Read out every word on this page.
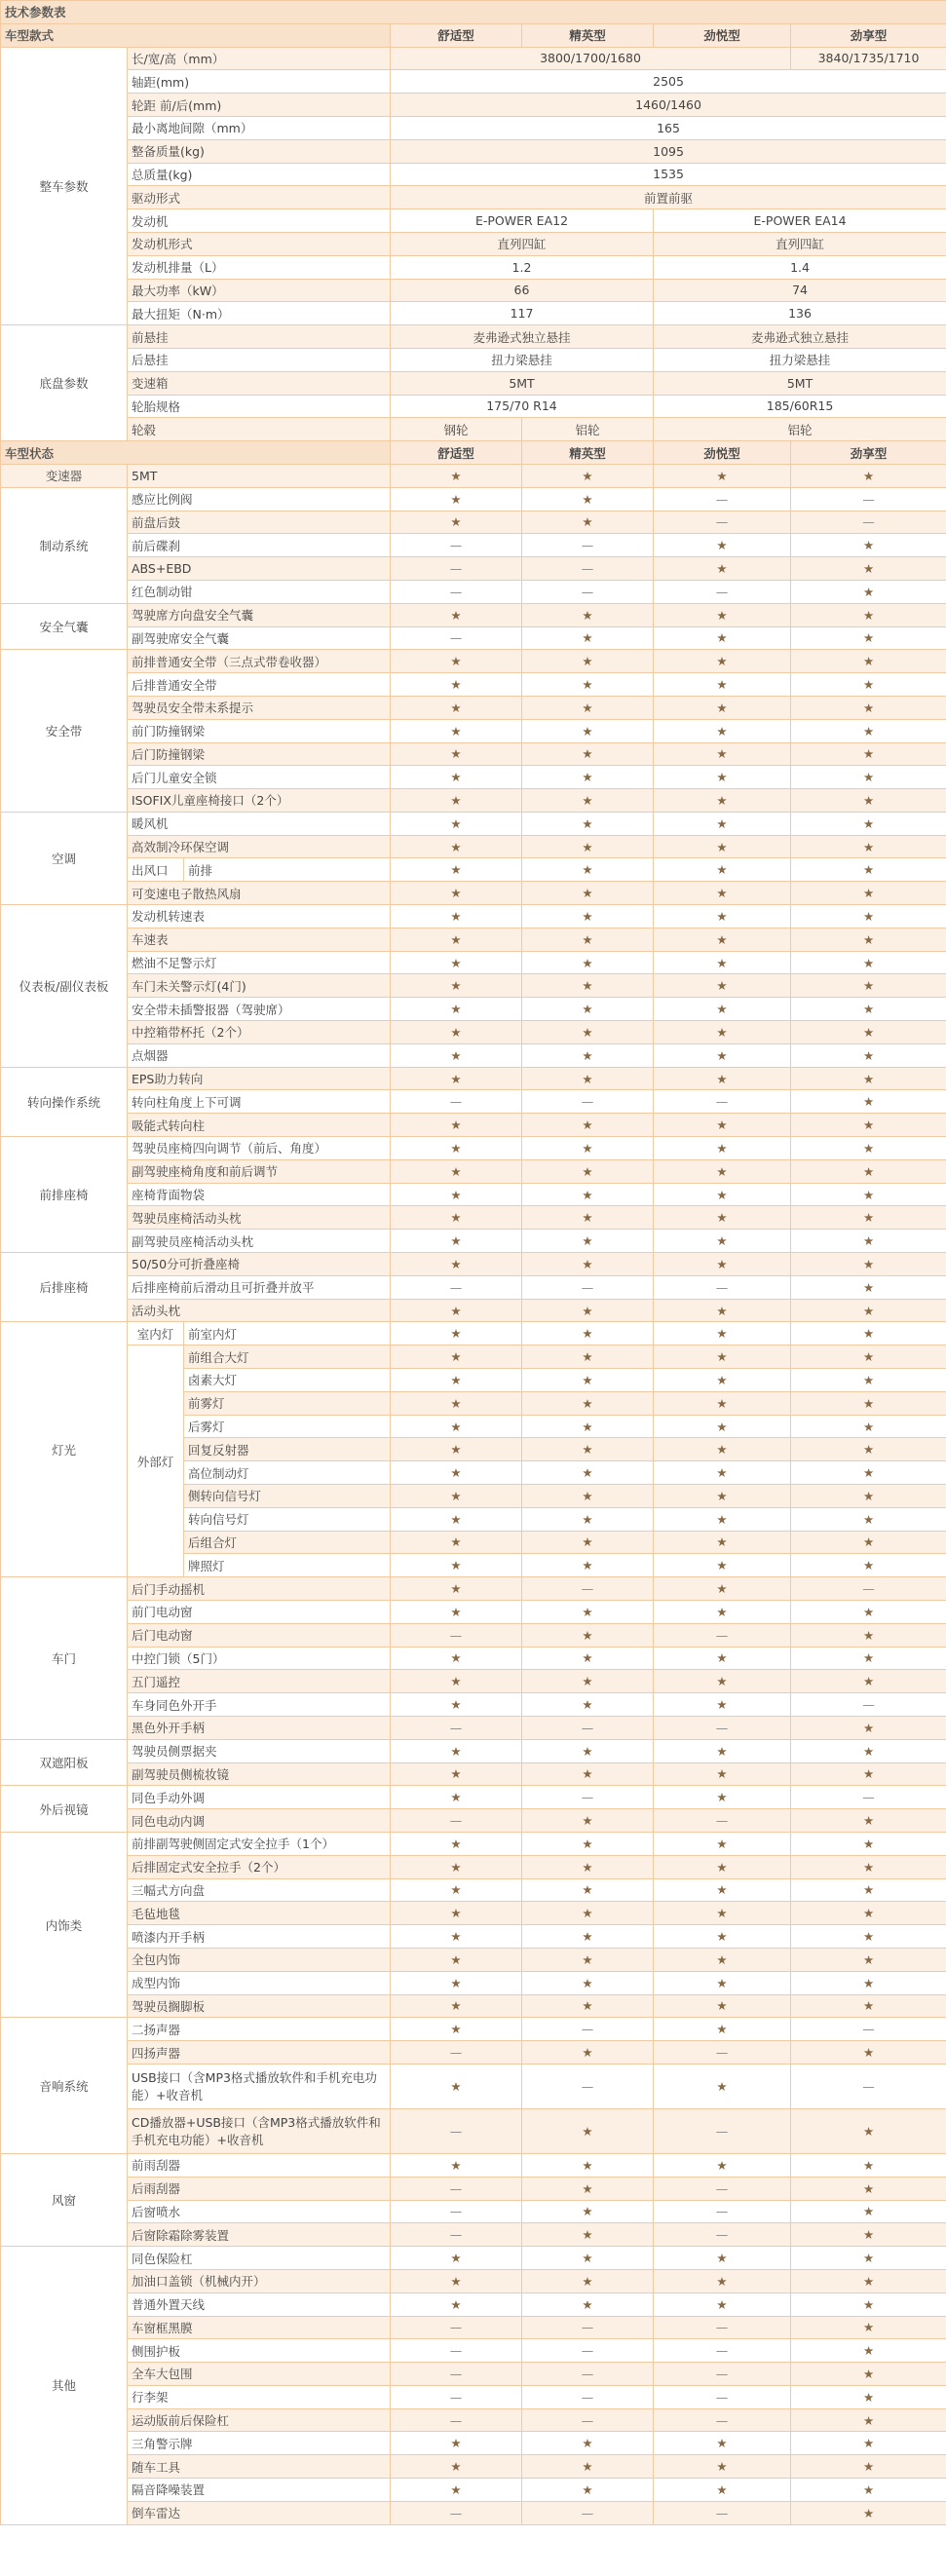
技术参数表						
车型款式			舒适型	精英型	劲悦型	劲享型
整车参数	长/宽/高（mm）		3800/1700/1680			3840/1735/1710
	轴距(mm)		2505			
	轮距 前/后(mm)		1460/1460			
	最小离地间隙（mm）		165			
	整备质量(kg)		1095			
	总质量(kg)		1535			
	驱动形式		前置前驱			
	发动机		E-POWER EA12		E-POWER EA14	
	发动机形式		直列四缸		直列四缸	
	发动机排量（L）		1.2		1.4	
	最大功率（kW）		66		74	
	最大扭矩（N·m）		117		136	
底盘参数	前悬挂		麦弗逊式独立悬挂		麦弗逊式独立悬挂	
	后悬挂		扭力梁悬挂		扭力梁悬挂	
	变速箱		5MT		5MT	
	轮胎规格		175/70 R14		185/60R15	
	轮毂		钢轮	铝轮	铝轮	
车型状态			舒适型	精英型	劲悦型	劲享型
变速器	5MT		★	★	★	★
制动系统	感应比例阀		★	★	—	—
	前盘后鼓		★	★	—	—
	前后碟刹		—	—	★	★
	ABS+EBD		—	—	★	★
	红色制动钳		—	—	—	★
安全气囊	驾驶席方向盘安全气囊		★	★	★	★
	副驾驶席安全气囊		—	★	★	★
安全带	前排普通安全带（三点式带卷收器）		★	★	★	★
	后排普通安全带		★	★	★	★
	驾驶员安全带未系提示		★	★	★	★
	前门防撞钢梁		★	★	★	★
	后门防撞钢梁		★	★	★	★
	后门儿童安全锁		★	★	★	★
	ISOFIX儿童座椅接口（2个）		★	★	★	★
空调	暖风机		★	★	★	★
	高效制冷环保空调		★	★	★	★
	出风口	前排	★	★	★	★
	可变速电子散热风扇		★	★	★	★
仪表板/副仪表板	发动机转速表		★	★	★	★
	车速表		★	★	★	★
	燃油不足警示灯		★	★	★	★
	车门未关警示灯(4门)		★	★	★	★
	安全带未插警报器（驾驶席）		★	★	★	★
	中控箱带杯托（2个）		★	★	★	★
	点烟器		★	★	★	★
转向操作系统	EPS助力转向		★	★	★	★
	转向柱角度上下可调		—	—	—	★
	吸能式转向柱		★	★	★	★
前排座椅	驾驶员座椅四向调节（前后、角度）		★	★	★	★
	副驾驶座椅角度和前后调节		★	★	★	★
	座椅背面物袋		★	★	★	★
	驾驶员座椅活动头枕		★	★	★	★
	副驾驶员座椅活动头枕		★	★	★	★
后排座椅	50/50分可折叠座椅		★	★	★	★
	后排座椅前后滑动且可折叠并放平		—	—	—	★
	活动头枕		★	★	★	★
灯光	室内灯	前室内灯	★	★	★	★
	外部灯	前组合大灯	★	★	★	★
		卤素大灯	★	★	★	★
		前雾灯	★	★	★	★
		后雾灯	★	★	★	★
		回复反射器	★	★	★	★
		高位制动灯	★	★	★	★
		侧转向信号灯	★	★	★	★
		转向信号灯	★	★	★	★
		后组合灯	★	★	★	★
		牌照灯	★	★	★	★
车门	后门手动摇机		★	—	★	—
	前门电动窗		★	★	★	★
	后门电动窗		—	★	—	★
	中控门锁（5门）		★	★	★	★
	五门遥控		★	★	★	★
	车身同色外开手		★	★	★	—
	黑色外开手柄		—	—	—	★
双遮阳板	驾驶员侧票据夹		★	★	★	★
	副驾驶员侧梳妆镜		★	★	★	★
外后视镜	同色手动外调		★	—	★	—
	同色电动内调		—	★	—	★
内饰类	前排副驾驶侧固定式安全拉手（1个）		★	★	★	★
	后排固定式安全拉手（2个）		★	★	★	★
	三幅式方向盘		★	★	★	★
	毛毡地毯		★	★	★	★
	喷漆内开手柄		★	★	★	★
	全包内饰		★	★	★	★
	成型内饰		★	★	★	★
	驾驶员搁脚板		★	★	★	★
音响系统	二扬声器		★	—	★	—
	四扬声器		—	★	—	★
	USB接口（含MP3格式播放软件和手机充电功能）+收音机		★	—	★	—
	CD播放器+USB接口（含MP3格式播放软件和手机充电功能）+收音机		—	★	—	★
风窗	前雨刮器		★	★	★	★
	后雨刮器		—	★	—	★
	后窗喷水		—	★	—	★
	后窗除霜除雾装置		—	★	—	★
其他	同色保险杠		★	★	★	★
	加油口盖锁（机械内开）		★	★	★	★
	普通外置天线		★	★	★	★
	车窗框黑膜		—	—	—	★
	侧围护板		—	—	—	★
	全车大包围		—	—	—	★
	行李架		—	—	—	★
	运动版前后保险杠		—	—	—	★
	三角警示牌		★	★	★	★
	随车工具		★	★	★	★
	隔音降噪装置		★	★	★	★
	倒车雷达		—	—	—	★
